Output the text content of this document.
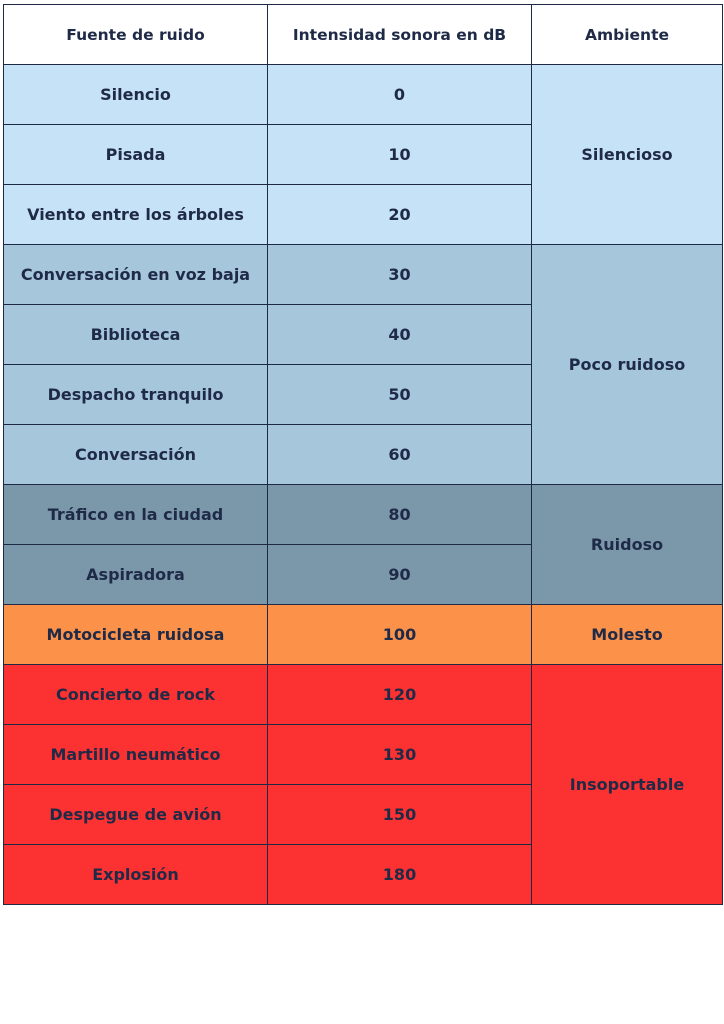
Fuente de ruido	Intensidad sonora en dB	Ambiente
Silencio	0	Silencioso
Pisada	10	
Viento entre los árboles	20	
Conversación en voz baja	30	Poco ruidoso
Biblioteca	40	
Despacho tranquilo	50	
Conversación	60	
Tráfico en la ciudad	80	Ruidoso
Aspiradora	90	
Motocicleta ruidosa	100	Molesto
Concierto de rock	120	Insoportable
Martillo neumático	130	
Despegue de avión	150	
Explosión	180	
